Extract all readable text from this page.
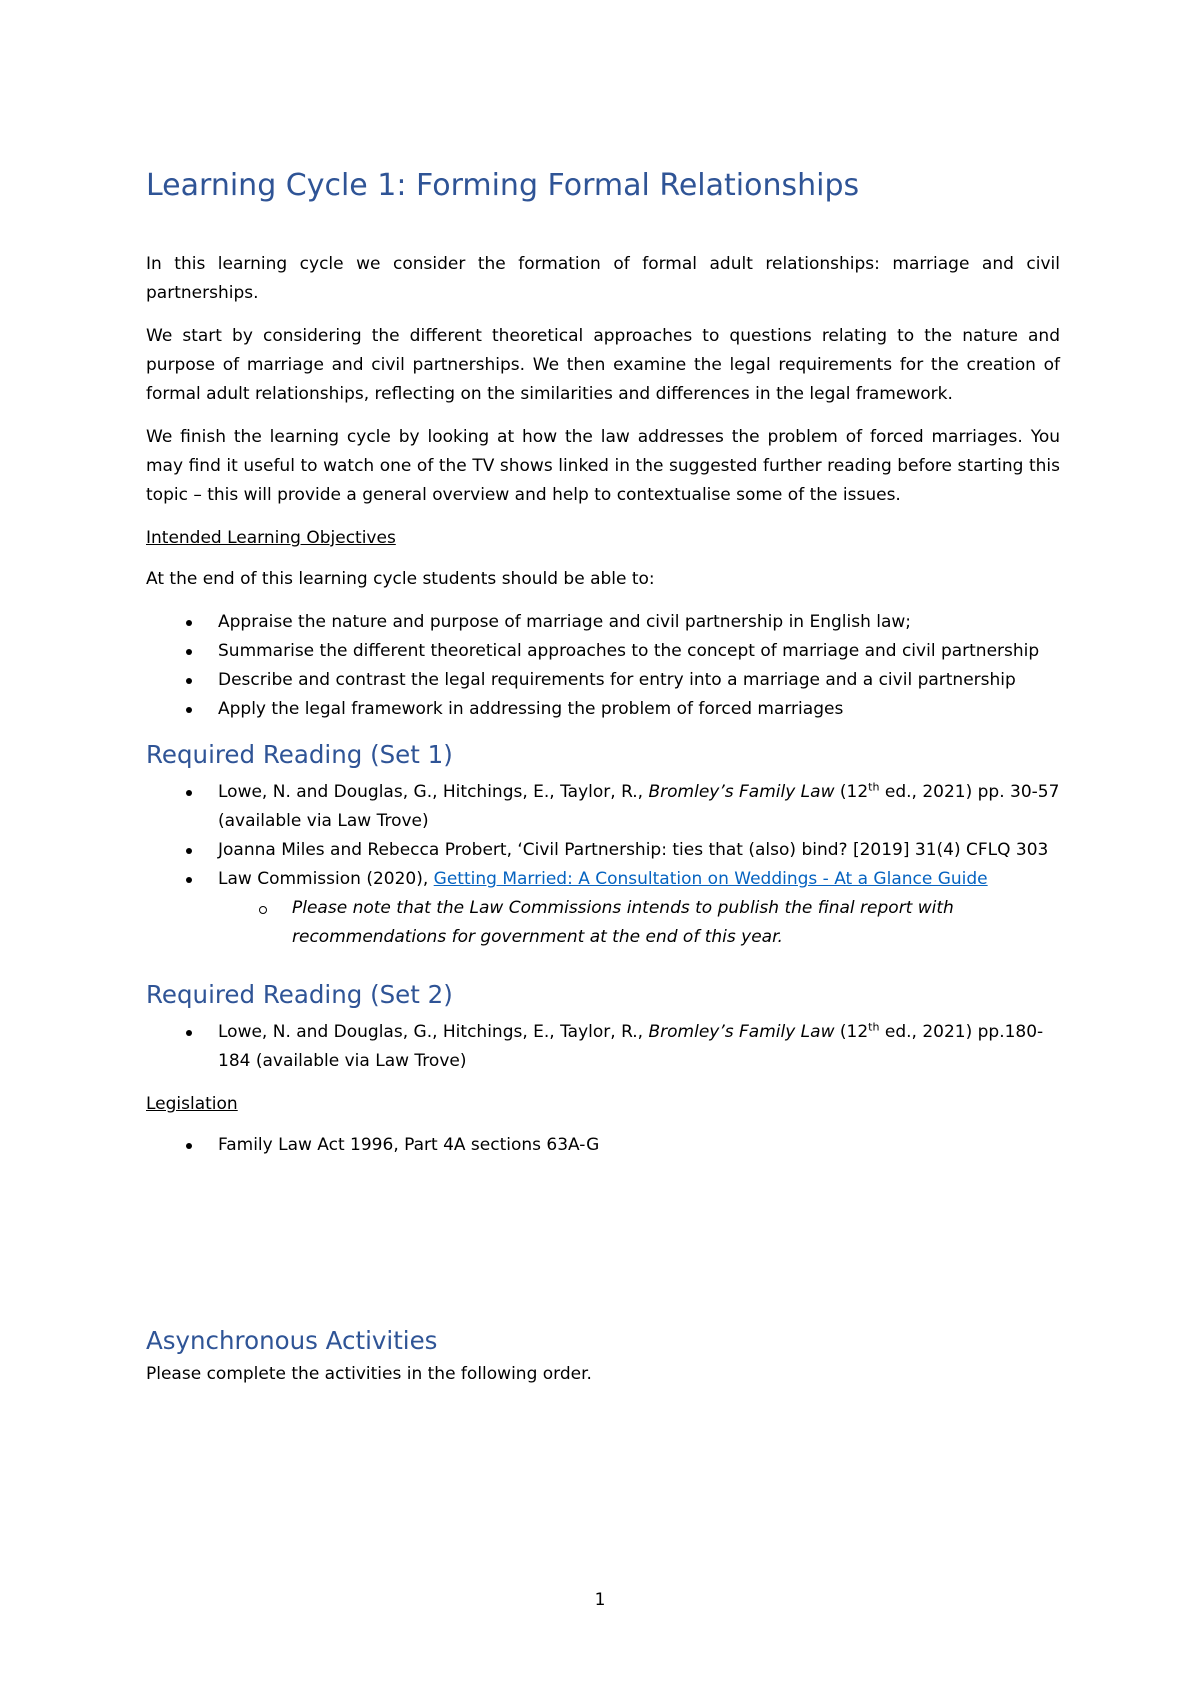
Learning Cycle 1: Forming Formal Relationships

In this learning cycle we consider the formation of formal adult relationships: marriage and civil partnerships.

We start by considering the different theoretical approaches to questions relating to the nature and purpose of marriage and civil partnerships. We then examine the legal requirements for the creation of formal adult relationships, reflecting on the similarities and differences in the legal framework.

We finish the learning cycle by looking at how the law addresses the problem of forced marriages. You may find it useful to watch one of the TV shows linked in the suggested further reading before starting this topic – this will provide a general overview and help to contextualise some of the issues.

Intended Learning Objectives

At the end of this learning cycle students should be able to:

Appraise the nature and purpose of marriage and civil partnership in English law;
Summarise the different theoretical approaches to the concept of marriage and civil partnership
Describe and contrast the legal requirements for entry into a marriage and a civil partnership
Apply the legal framework in addressing the problem of forced marriages
Required Reading (Set 1)
Lowe, N. and Douglas, G., Hitchings, E., Taylor, R., Bromley’s Family Law (12th ed., 2021) pp. 30-57 (available via Law Trove)
Joanna Miles and Rebecca Probert, ‘Civil Partnership: ties that (also) bind? [2019] 31(4) CFLQ 303
Law Commission (2020), Getting Married: A Consultation on Weddings - At a Glance Guide
Please note that the Law Commissions intends to publish the final report with recommendations for government at the end of this year.
Required Reading (Set 2)
Lowe, N. and Douglas, G., Hitchings, E., Taylor, R., Bromley’s Family Law (12th ed., 2021) pp.180-184 (available via Law Trove)

Legislation

Family Law Act 1996, Part 4A sections 63A-G
Asynchronous Activities

Please complete the activities in the following order.

1
